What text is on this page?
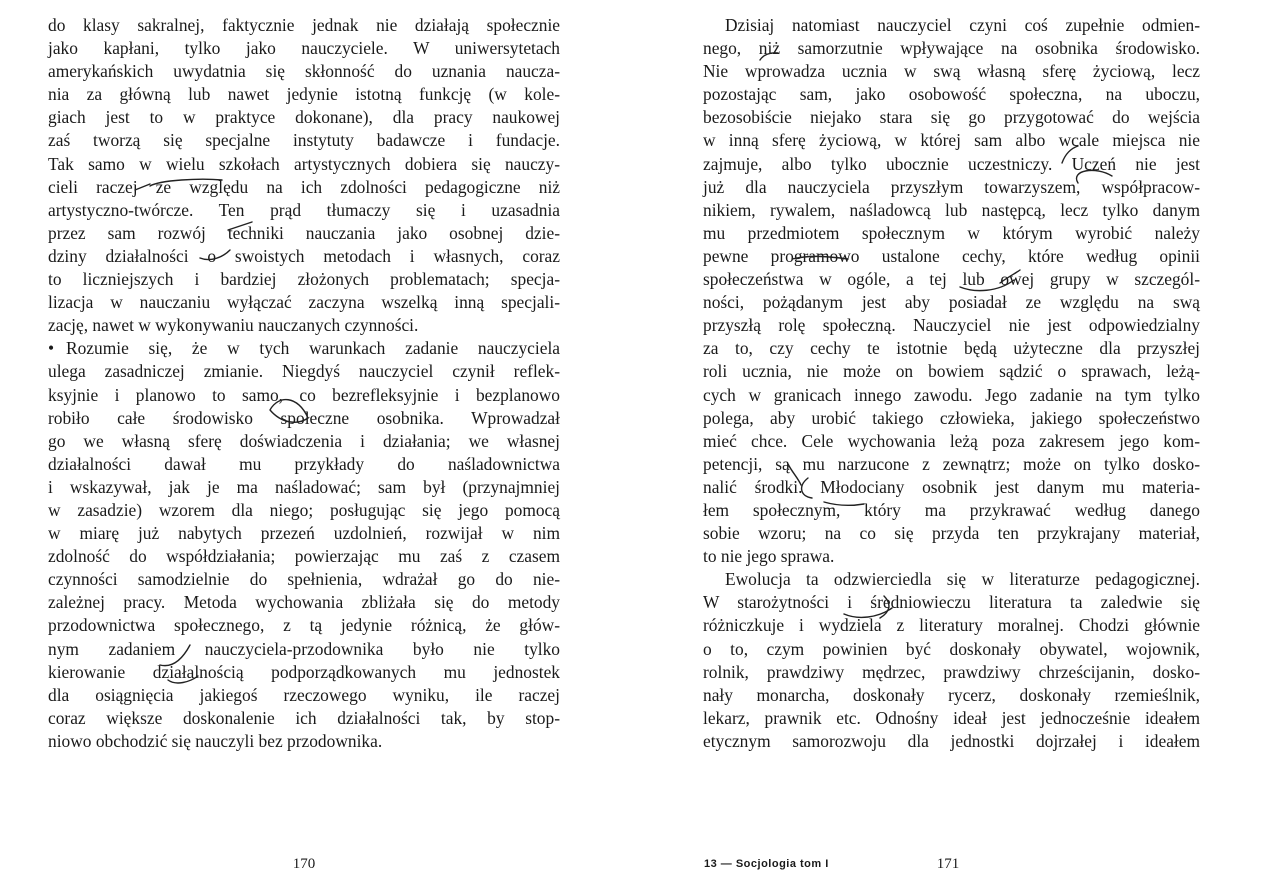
do klasy sakralnej, faktycznie jednak nie działają społecznie
jako kapłani, tylko jako nauczyciele. W uniwersytetach
amerykańskich uwydatnia się skłonność do uznania naucza-
nia za główną lub nawet jedynie istotną funkcję (w kole-
giach jest to w praktyce dokonane), dla pracy naukowej
zaś tworzą się specjalne instytuty badawcze i fundacje.
Tak samo w wielu szkołach artystycznych dobiera się nauczy-
cieli raczej ze względu na ich zdolności pedagogiczne niż
artystyczno-twórcze. Ten prąd tłumaczy się i uzasadnia
przez sam rozwój techniki nauczania jako osobnej dzie-
dziny działalności o swoistych metodach i własnych, coraz
to liczniejszych i bardziej złożonych problematach; specja-
lizacja w nauczaniu wyłączać zaczyna wszelką inną specjali-
zację, nawet w wykonywaniu nauczanych czynności.
• Rozumie się, że w tych warunkach zadanie nauczyciela
ulega zasadniczej zmianie. Niegdyś nauczyciel czynił reflek-
ksyjnie i planowo to samo, co bezrefleksyjnie i bezplanowo
robiło całe środowisko społeczne osobnika. Wprowadzał
go we własną sferę doświadczenia i działania; we własnej
działalności dawał mu przykłady do naśladownictwa
i wskazywał, jak je ma naśladować; sam był (przynajmniej
w zasadzie) wzorem dla niego; posługując się jego pomocą
w miarę już nabytych przezeń uzdolnień, rozwijał w nim
zdolność do współdziałania; powierzając mu zaś z czasem
czynności samodzielnie do spełnienia, wdrażał go do nie-
zależnej pracy. Metoda wychowania zbliżała się do metody
przodownictwa społecznego, z tą jedynie różnicą, że głów-
nym zadaniem nauczyciela-przodownika było nie tylko
kierowanie działalnością podporządkowanych mu jednostek
dla osiągnięcia jakiegoś rzeczowego wyniku, ile raczej
coraz większe doskonalenie ich działalności tak, by stop-
niowo obchodzić się nauczyli bez przodownika.
Dzisiaj natomiast nauczyciel czyni coś zupełnie odmien-
nego, niż samorzutnie wpływające na osobnika środowisko.
Nie wprowadza ucznia w swą własną sferę życiową, lecz
pozostając sam, jako osobowość społeczna, na uboczu,
bezosobiście niejako stara się go przygotować do wejścia
w inną sferę życiową, w której sam albo wcale miejsca nie
zajmuje, albo tylko ubocznie uczestniczy. Uczeń nie jest
już dla nauczyciela przyszłym towarzyszem, współpracow-
nikiem, rywalem, naśladowcą lub następcą, lecz tylko danym
mu przedmiotem społecznym w którym wyrobić należy
pewne programowo ustalone cechy, które według opinii
społeczeństwa w ogóle, a tej lub owej grupy w szczegól-
ności, pożądanym jest aby posiadał ze względu na swą
przyszłą rolę społeczną. Nauczyciel nie jest odpowiedzialny
za to, czy cechy te istotnie będą użyteczne dla przyszłej
roli ucznia, nie może on bowiem sądzić o sprawach, leżą-
cych w granicach innego zawodu. Jego zadanie na tym tylko
polega, aby urobić takiego człowieka, jakiego społeczeństwo
mieć chce. Cele wychowania leżą poza zakresem jego kom-
petencji, są mu narzucone z zewnątrz; może on tylko dosko-
nalić środki. Młodociany osobnik jest danym mu materia-
łem społecznym, który ma przykrawać według danego
sobie wzoru; na co się przyda ten przykrajany materiał,
to nie jego sprawa.
Ewolucja ta odzwierciedla się w literaturze pedagogicznej.
W starożytności i średniowieczu literatura ta zaledwie się
różniczkuje i wydziela z literatury moralnej. Chodzi głównie
o to, czym powinien być doskonały obywatel, wojownik,
rolnik, prawdziwy mędrzec, prawdziwy chrześcijanin, dosko-
nały monarcha, doskonały rycerz, doskonały rzemieślnik,
lekarz, prawnik etc. Odnośny ideał jest jednocześnie ideałem
etycznym samorozwoju dla jednostki dojrzałej i ideałem
170	13 — Socjologia tom I	171
